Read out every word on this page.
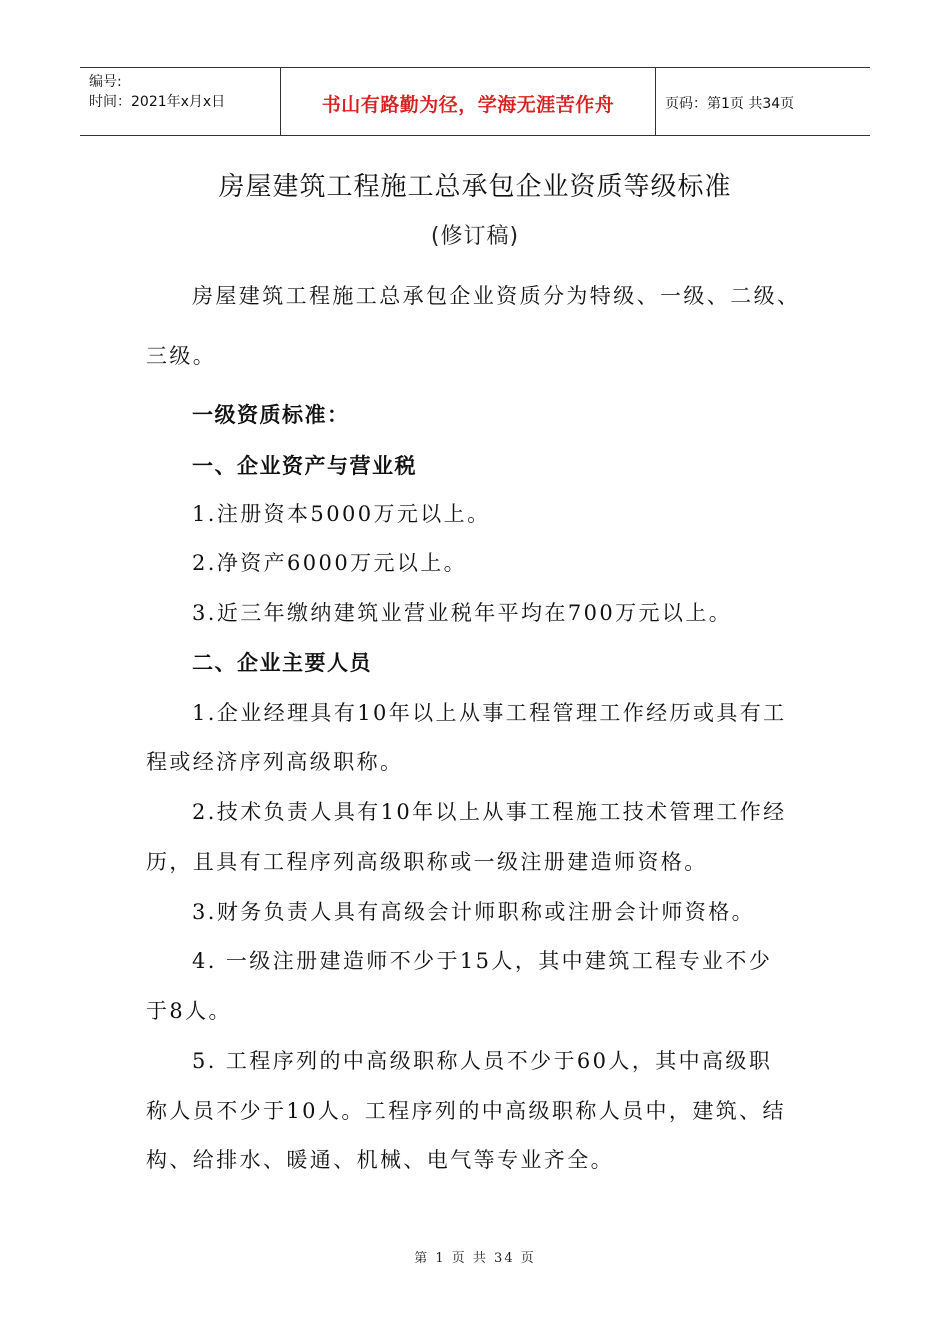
编号:
时间：2021年x月x日	书山有路勤为径，学海无涯苦作舟	页码：第1页 共34页
房屋建筑工程施工总承包企业资质等级标准
(修订稿)
房屋建筑工程施工总承包企业资质分为特级、一级、二级、
三级。
一级资质标准：
一、企业资产与营业税
1.注册资本5000万元以上。
2.净资产6000万元以上。
3.近三年缴纳建筑业营业税年平均在700万元以上。
二、企业主要人员
1.企业经理具有10年以上从事工程管理工作经历或具有工
程或经济序列高级职称。
2.技术负责人具有10年以上从事工程施工技术管理工作经
历，且具有工程序列高级职称或一级注册建造师资格。
3.财务负责人具有高级会计师职称或注册会计师资格。
4. 一级注册建造师不少于15人，其中建筑工程专业不少
于8人。
5. 工程序列的中高级职称人员不少于60人，其中高级职
称人员不少于10人。工程序列的中高级职称人员中，建筑、结
构、给排水、暖通、机械、电气等专业齐全。
第 1 页 共 34 页
